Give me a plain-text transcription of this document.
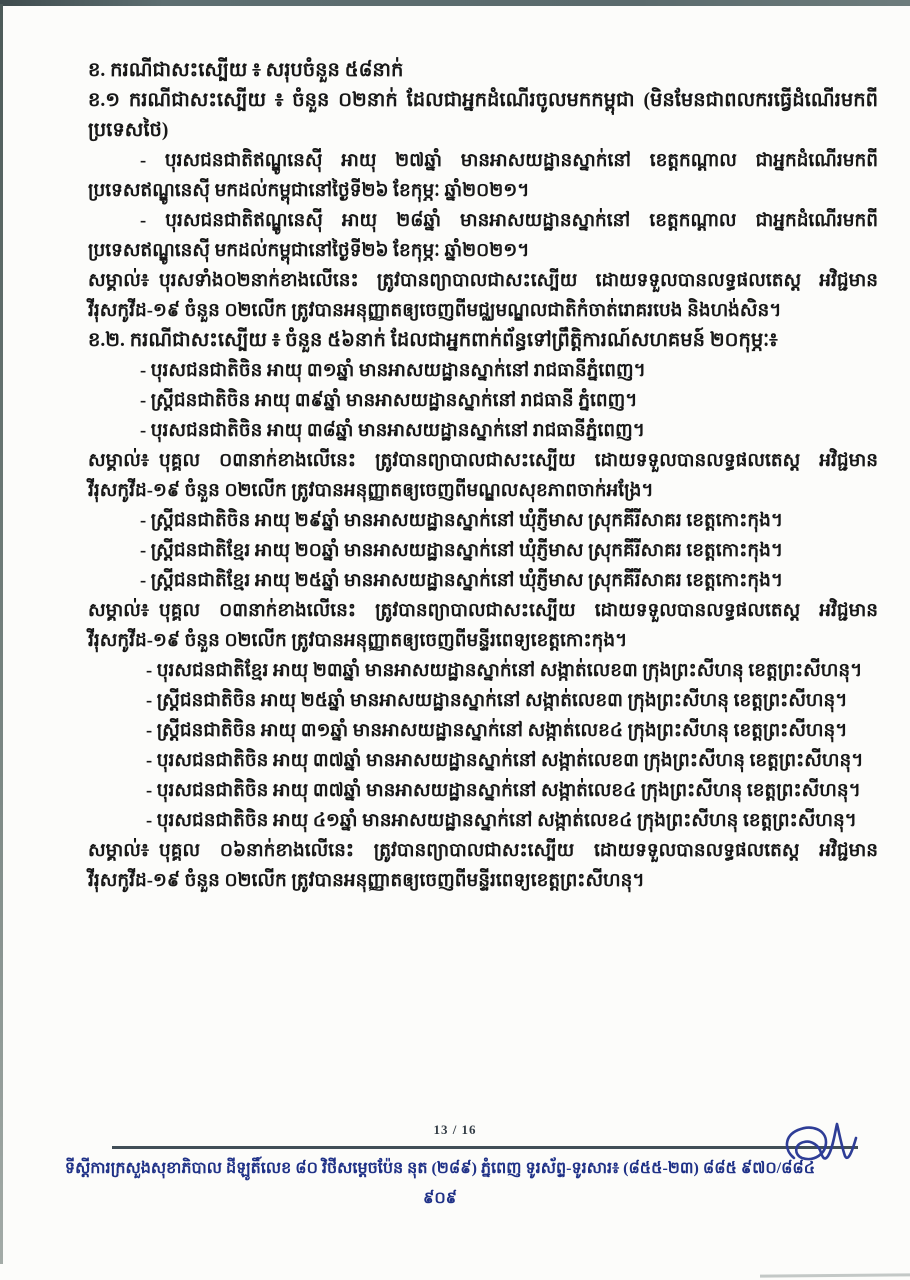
ខ. ករណីជាសះស្បើយ ៖ សរុបចំនួន ៥៨នាក់

ខ.១ ករណីជាសះស្បើយ ៖ ចំនួន ០២នាក់ ដែលជាអ្នកដំណើរចូលមកកម្ពុជា (មិនមែនជាពលករធ្វើដំណើរមកពីប្រទេសថៃ)

- បុរសជនជាតិឥណ្ឌូនេស៊ី អាយុ ២៧ឆ្នាំ មានអាសយដ្ឋានស្នាក់នៅ ខេត្តកណ្តាល ជាអ្នកដំណើរមកពីប្រទេសឥណ្ឌូនេស៊ី មកដល់កម្ពុជានៅថ្ងៃទី២៦ ខែកុម្ភៈ ឆ្នាំ២០២១។

- បុរសជនជាតិឥណ្ឌូនេស៊ី អាយុ ២៨ឆ្នាំ មានអាសយដ្ឋានស្នាក់នៅ ខេត្តកណ្តាល ជាអ្នកដំណើរមកពីប្រទេសឥណ្ឌូនេស៊ី មកដល់កម្ពុជានៅថ្ងៃទី២៦ ខែកុម្ភៈ ឆ្នាំ២០២១។

សម្គាល់៖ បុរសទាំង០២នាក់ខាងលើនេះ ត្រូវបានព្យាបាលជាសះស្បើយ ដោយទទួលបានលទ្ធផលតេស្ត អវិជ្ជមានវីរុសកូវីដ-១៩ ចំនួន ០២លើក ត្រូវបានអនុញ្ញាតឲ្យចេញពីមជ្ឈមណ្ឌលជាតិកំចាត់រោគរបេង និងហង់សិន។

ខ.២. ករណីជាសះស្បើយ ៖ ចំនួន ៥៦នាក់ ដែលជាអ្នកពាក់ព័ន្ធទៅព្រឹត្តិការណ៍សហគមន៍ ២០កុម្ភៈ៖

- បុរសជនជាតិចិន អាយុ ៣១ឆ្នាំ មានអាសយដ្ឋានស្នាក់នៅ រាជធានីភ្នំពេញ។

- ស្ត្រីជនជាតិចិន អាយុ ៣៩ឆ្នាំ មានអាសយដ្ឋានស្នាក់នៅ រាជធានី ភ្នំពេញ។

- បុរសជនជាតិចិន អាយុ ៣៨ឆ្នាំ មានអាសយដ្ឋានស្នាក់នៅ រាជធានីភ្នំពេញ។

សម្គាល់៖ បុគ្គល ០៣នាក់ខាងលើនេះ ត្រូវបានព្យាបាលជាសះស្បើយ ដោយទទួលបានលទ្ធផលតេស្ត អវិជ្ជមានវីរុសកូវីដ-១៩ ចំនួន ០២លើក ត្រូវបានអនុញ្ញាតឲ្យចេញពីមណ្ឌលសុខភាពចាក់អង្រែ។

- ស្ត្រីជនជាតិចិន អាយុ ២៩ឆ្នាំ មានអាសយដ្ឋានស្នាក់នៅ ឃុំភ្ញីមាស ស្រុកគីរីសាគរ ខេត្តកោះកុង។

- ស្ត្រីជនជាតិខ្មែរ អាយុ ២០ឆ្នាំ មានអាសយដ្ឋានស្នាក់នៅ ឃុំភ្ញីមាស ស្រុកគីរីសាគរ ខេត្តកោះកុង។

- ស្ត្រីជនជាតិខ្មែរ អាយុ ២៥ឆ្នាំ មានអាសយដ្ឋានស្នាក់នៅ ឃុំភ្ញីមាស ស្រុកគីរីសាគរ ខេត្តកោះកុង។

សម្គាល់៖ បុគ្គល ០៣នាក់ខាងលើនេះ ត្រូវបានព្យាបាលជាសះស្បើយ ដោយទទួលបានលទ្ធផលតេស្ត អវិជ្ជមានវីរុសកូវីដ-១៩ ចំនួន ០២លើក ត្រូវបានអនុញ្ញាតឲ្យចេញពីមន្ទីរពេទ្យខេត្តកោះកុង។

- បុរសជនជាតិខ្មែរ អាយុ ២៣ឆ្នាំ មានអាសយដ្ឋានស្នាក់នៅ សង្កាត់លេខ៣ ក្រុងព្រះសីហនុ ខេត្តព្រះសីហនុ។

- ស្ត្រីជនជាតិចិន អាយុ ២៥ឆ្នាំ មានអាសយដ្ឋានស្នាក់នៅ សង្កាត់លេខ៣ ក្រុងព្រះសីហនុ ខេត្តព្រះសីហនុ។

- ស្ត្រីជនជាតិចិន អាយុ ៣១ឆ្នាំ មានអាសយដ្ឋានស្នាក់នៅ សង្កាត់លេខ៤ ក្រុងព្រះសីហនុ ខេត្តព្រះសីហនុ។

- បុរសជនជាតិចិន អាយុ ៣៧ឆ្នាំ មានអាសយដ្ឋានស្នាក់នៅ សង្កាត់លេខ៣ ក្រុងព្រះសីហនុ ខេត្តព្រះសីហនុ។

- បុរសជនជាតិចិន អាយុ ៣៧ឆ្នាំ មានអាសយដ្ឋានស្នាក់នៅ សង្កាត់លេខ៤ ក្រុងព្រះសីហនុ ខេត្តព្រះសីហនុ។

- បុរសជនជាតិចិន អាយុ ៤១ឆ្នាំ មានអាសយដ្ឋានស្នាក់នៅ សង្កាត់លេខ៤ ក្រុងព្រះសីហនុ ខេត្តព្រះសីហនុ។

សម្គាល់៖ បុគ្គល ០៦នាក់ខាងលើនេះ ត្រូវបានព្យាបាលជាសះស្បើយ ដោយទទួលបានលទ្ធផលតេស្ត អវិជ្ជមានវីរុសកូវីដ-១៩ ចំនួន ០២លើក ត្រូវបានអនុញ្ញាតឲ្យចេញពីមន្ទីរពេទ្យខេត្តព្រះសីហនុ។

13 / 16
ទីស្តីការក្រសួងសុខាភិបាល ដីឡូតិ៍លេខ ៨០ វិថីសម្តេចប៉ែន នុត (២៨៩) ភ្នំពេញ ទូរស័ព្ទ-ទូរសារ៖ (៨៥៥-២៣) ៨៨៥ ៩៧០/៨៨៤ ៩០៩
